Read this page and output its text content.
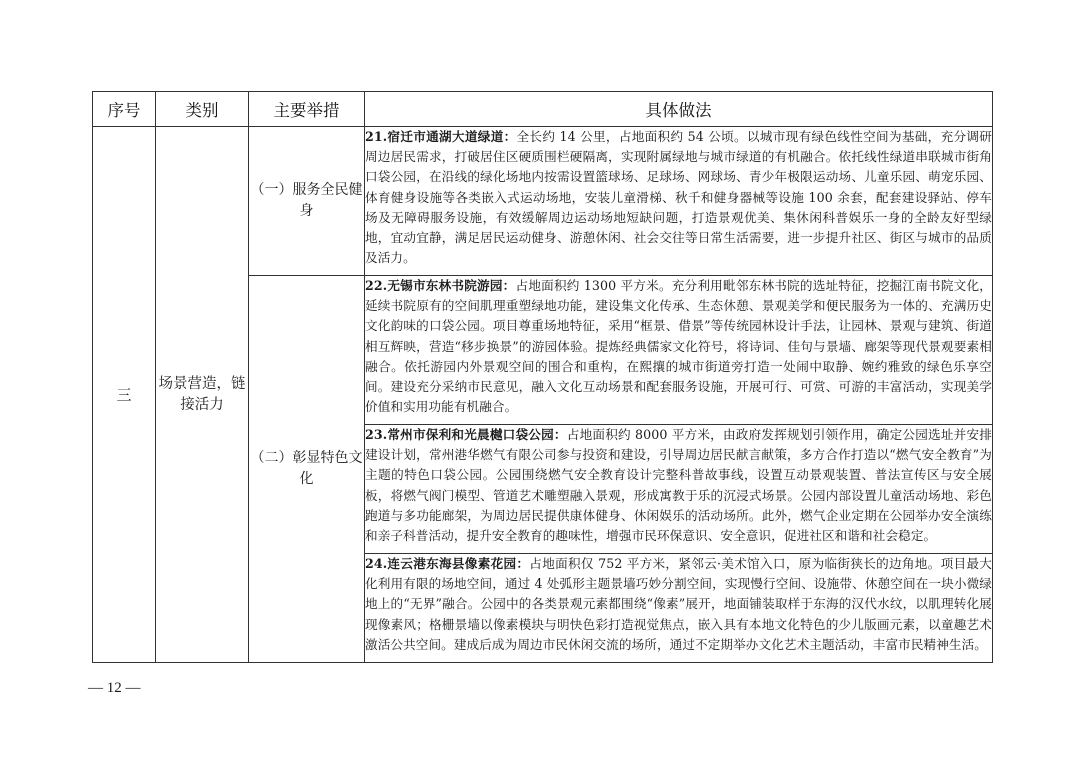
序号	类别	主要举措	具体做法
三	场景营造，链接活力	（一）服务全民健身	21.宿迁市通湖大道绿道：全长约 14 公里，占地面积约 54 公顷。以城市现有绿色线性空间为基础，充分调研周边居民需求，打破居住区硬质围栏硬隔离，实现附属绿地与城市绿道的有机融合。依托线性绿道串联城市街角口袋公园，在沿线的绿化场地内按需设置篮球场、足球场、网球场、青少年极限运动场、儿童乐园、萌宠乐园、体育健身设施等各类嵌入式运动场地，安装儿童滑梯、秋千和健身器械等设施 100 余套，配套建设驿站、停车场及无障碍服务设施，有效缓解周边运动场地短缺问题，打造景观优美、集休闲科普娱乐一身的全龄友好型绿地，宜动宜静，满足居民运动健身、游憩休闲、社会交往等日常生活需要，进一步提升社区、街区与城市的品质及活力。
		（二）彰显特色文化	22.无锡市东林书院游园：占地面积约 1300 平方米。充分利用毗邻东林书院的选址特征，挖掘江南书院文化，延续书院原有的空间肌理重塑绿地功能，建设集文化传承、生态休憩、景观美学和便民服务为一体的、充满历史文化韵味的口袋公园。项目尊重场地特征，采用“框景、借景”等传统园林设计手法，让园林、景观与建筑、街道相互辉映，营造“移步换景”的游园体验。提炼经典儒家文化符号，将诗词、佳句与景墙、廊架等现代景观要素相融合。依托游园内外景观空间的围合和重构，在熙攘的城市街道旁打造一处闹中取静、婉约雅致的绿色乐享空间。建设充分采纳市民意见，融入文化互动场景和配套服务设施，开展可行、可赏、可游的丰富活动，实现美学价值和实用功能有机融合。
			23.常州市保利和光晨樾口袋公园：占地面积约 8000 平方米，由政府发挥规划引领作用，确定公园选址并安排建设计划，常州港华燃气有限公司参与投资和建设，引导周边居民献言献策，多方合作打造以“燃气安全教育”为主题的特色口袋公园。公园围绕燃气安全教育设计完整科普故事线，设置互动景观装置、普法宣传区与安全展板，将燃气阀门模型、管道艺术雕塑融入景观，形成寓教于乐的沉浸式场景。公园内部设置儿童活动场地、彩色跑道与多功能廊架，为周边居民提供康体健身、休闲娱乐的活动场所。此外，燃气企业定期在公园举办安全演练和亲子科普活动，提升安全教育的趣味性，增强市民环保意识、安全意识，促进社区和谐和社会稳定。
			24.连云港东海县像素花园：占地面积仅 752 平方米，紧邻云·美术馆入口，原为临街狭长的边角地。项目最大化利用有限的场地空间，通过 4 处弧形主题景墙巧妙分割空间，实现慢行空间、设施带、休憩空间在一块小微绿地上的“无界”融合。公园中的各类景观元素都围绕“像素”展开，地面铺装取样于东海的汉代水纹，以肌理转化展现像素风；格栅景墙以像素模块与明快色彩打造视觉焦点，嵌入具有本地文化特色的少儿版画元素，以童趣艺术激活公共空间。建成后成为周边市民休闲交流的场所，通过不定期举办文化艺术主题活动，丰富市民精神生活。
— 12 —
